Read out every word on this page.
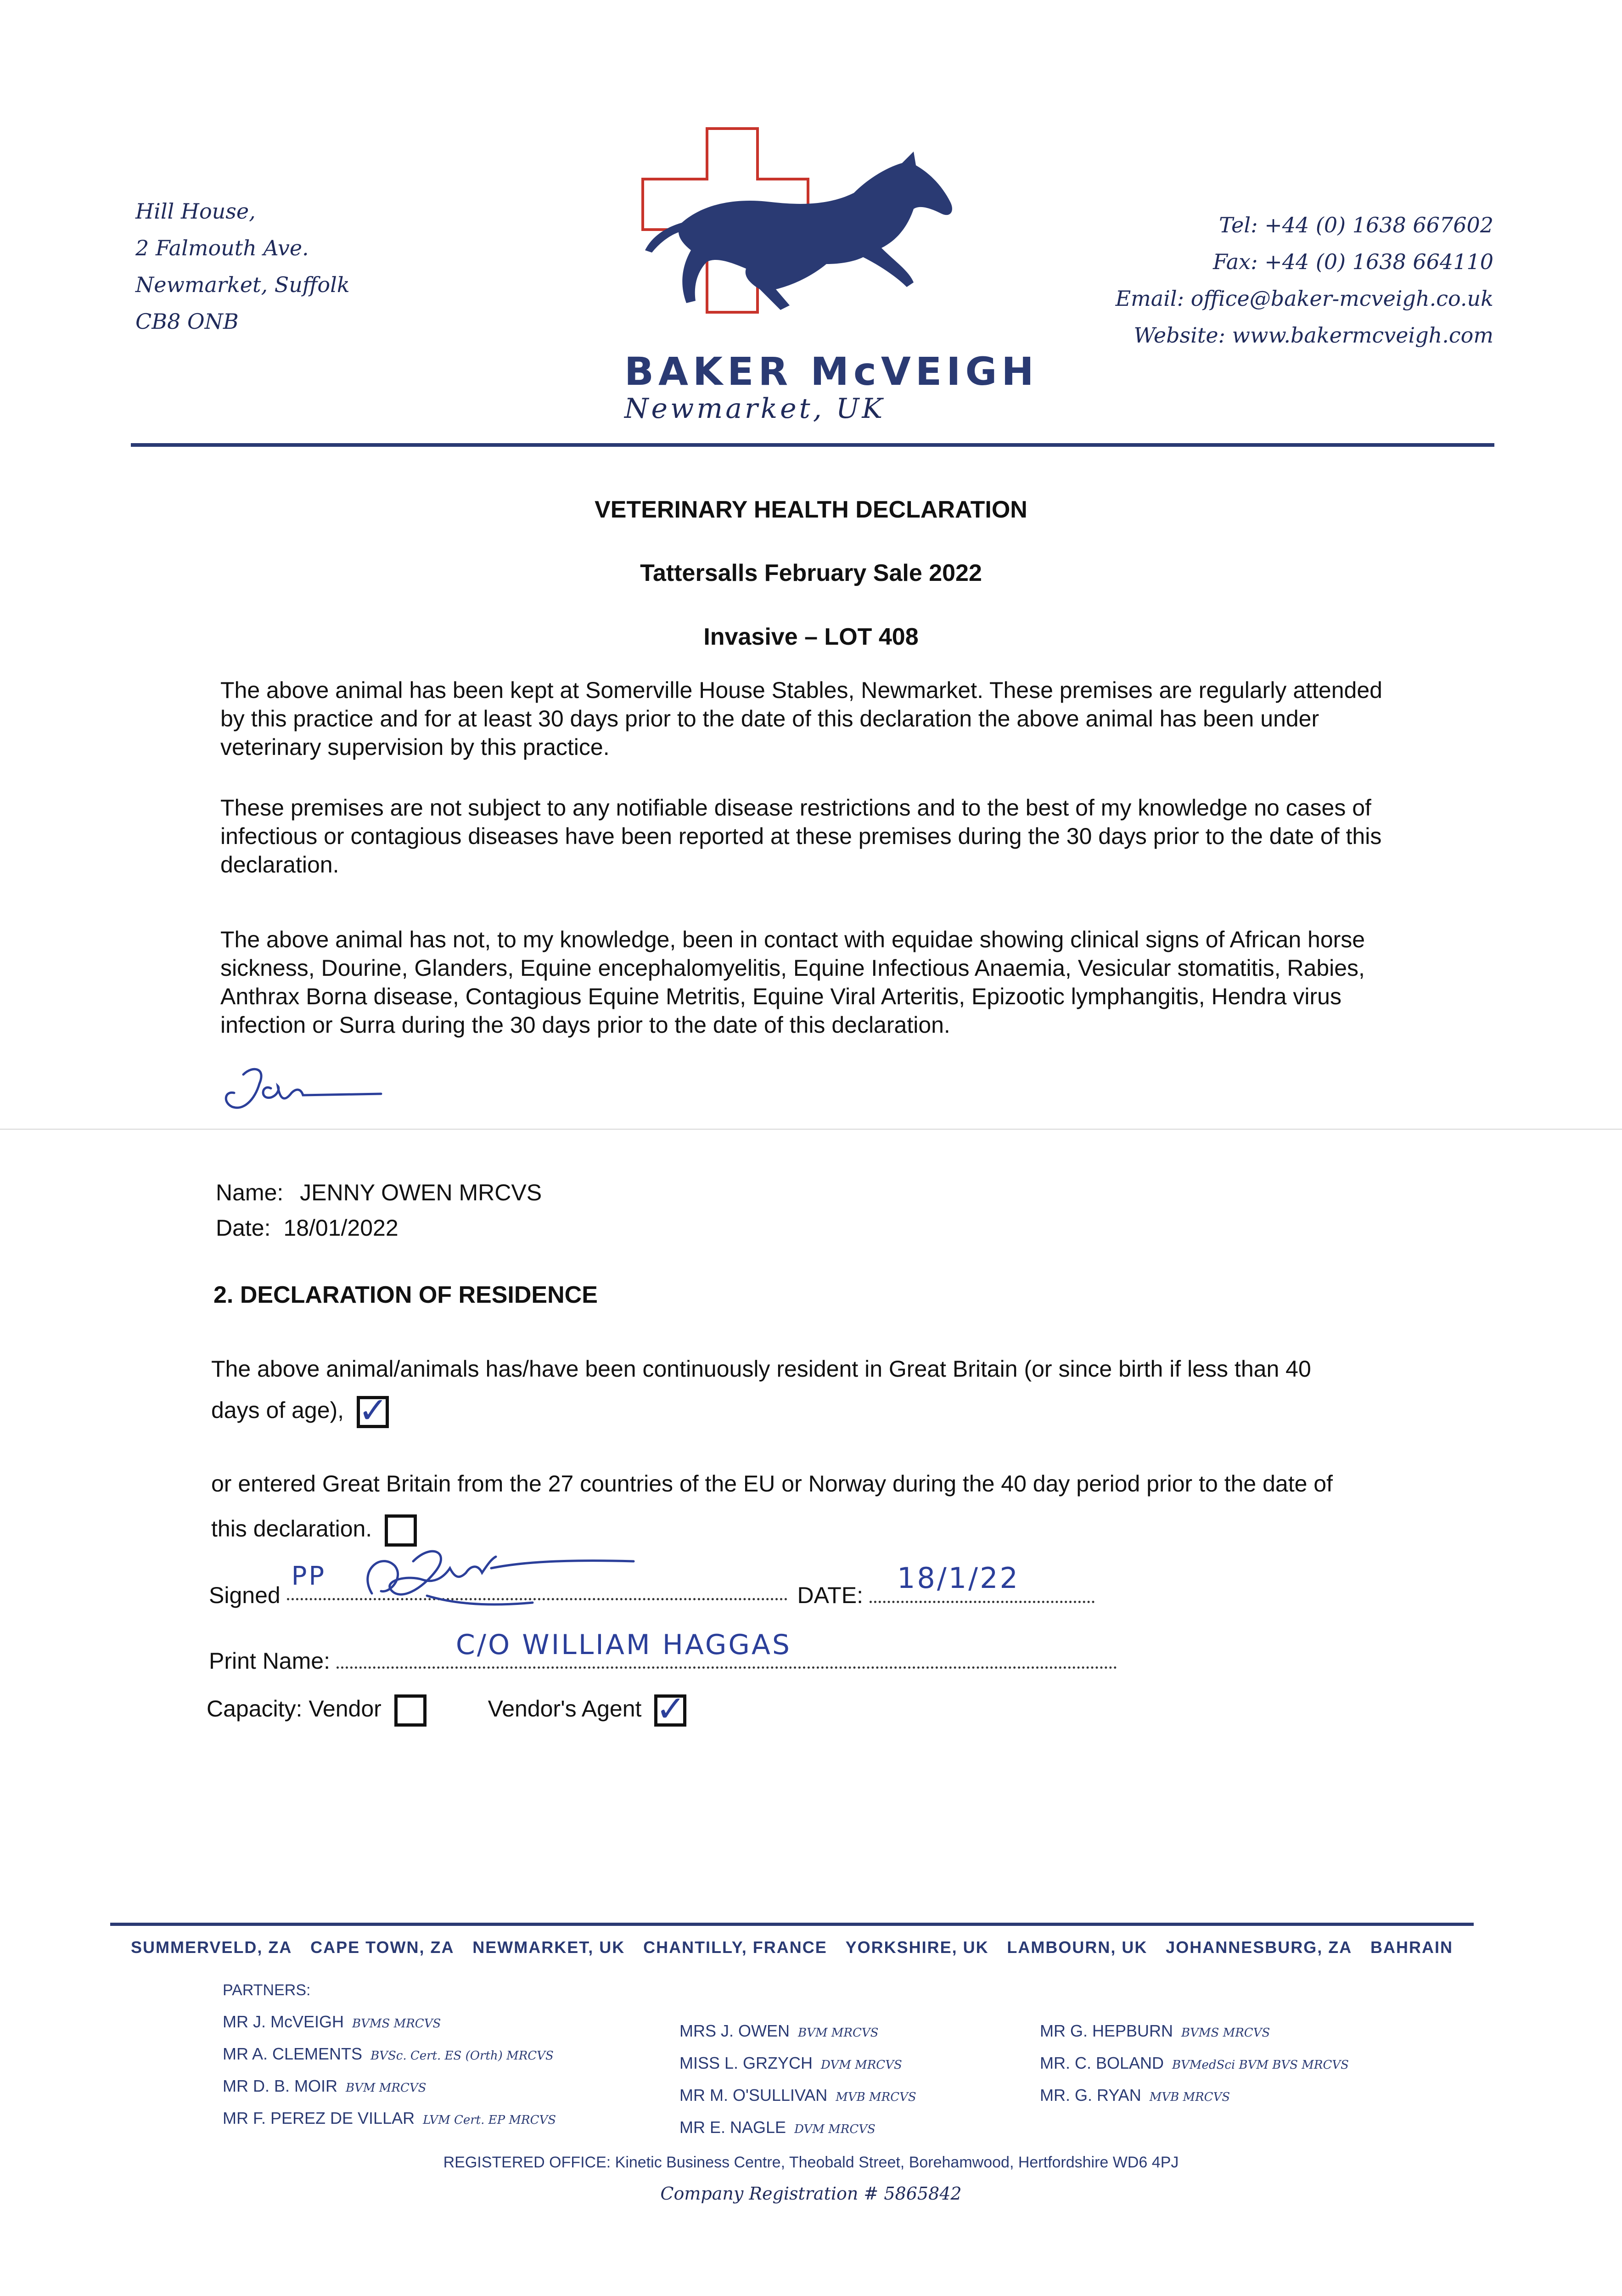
Hill House,
2 Falmouth Ave.
Newmarket, Suffolk
CB8 ONB
BAKER McVEIGH
Newmarket, UK
Tel: +44 (0) 1638 667602
Fax: +44 (0) 1638 664110
Email: office@baker-mcveigh.co.uk
Website: www.bakermcveigh.com
VETERINARY HEALTH DECLARATION
Tattersalls February Sale 2022
Invasive – LOT 408
The above animal has been kept at Somerville House Stables, Newmarket. These premises are regularly attended by this practice and for at least 30 days prior to the date of this declaration the above animal has been under veterinary supervision by this practice.
These premises are not subject to any notifiable disease restrictions and to the best of my knowledge no cases of infectious or contagious diseases have been reported at these premises during the 30 days prior to the date of this declaration.
The above animal has not, to my knowledge, been in contact with equidae showing clinical signs of African horse sickness, Dourine, Glanders, Equine encephalomyelitis, Equine Infectious Anaemia, Vesicular stomatitis, Rabies, Anthrax Borna disease, Contagious Equine Metritis, Equine Viral Arteritis, Epizootic lymphangitis, Hendra virus infection or Surra during the 30 days prior to the date of this declaration.
Name: JENNY OWEN MRCVS
Date: 18/01/2022
2. DECLARATION OF RESIDENCE
The above animal/animals has/have been continuously resident in Great Britain (or since birth if less than 40
days of age), ✓
or entered Great Britain from the 27 countries of the EU or Norway during the 40 day period prior to the date of
this declaration.
Signed PP DATE:
18/1/22
Print Name:	C/O WILLIAM HAGGAS
Capacity: Vendor	Vendor's Agent ✓
SUMMERVELD, ZA CAPE TOWN, ZA NEWMARKET, UK CHANTILLY, FRANCE YORKSHIRE, UK LAMBOURN, UK JOHANNESBURG, ZA BAHRAIN
PARTNERS:
MR J. McVEIGH BVMS MRCVS
MR A. CLEMENTS BVSc. Cert. ES (Orth) MRCVS
MR D. B. MOIR BVM MRCVS
MR F. PEREZ DE VILLAR LVM Cert. EP MRCVS
MRS J. OWEN BVM MRCVS
MISS L. GRZYCH DVM MRCVS
MR M. O'SULLIVAN MVB MRCVS
MR E. NAGLE DVM MRCVS
MR G. HEPBURN BVMS MRCVS
MR. C. BOLAND BVMedSci BVM BVS MRCVS
MR. G. RYAN MVB MRCVS
REGISTERED OFFICE: Kinetic Business Centre, Theobald Street, Borehamwood, Hertfordshire WD6 4PJ
Company Registration # 5865842
